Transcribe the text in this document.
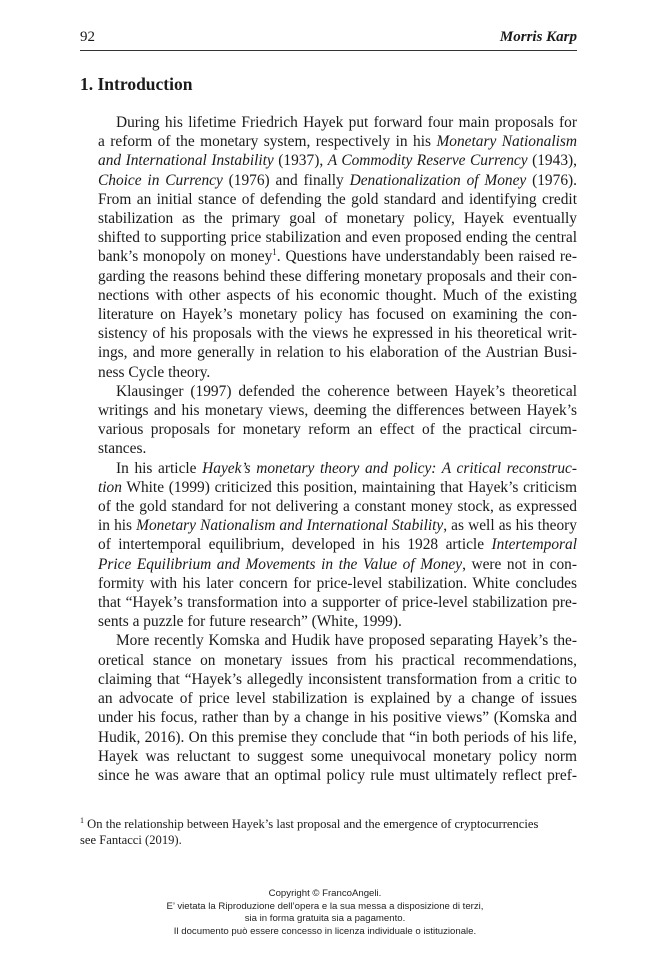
92	Morris Karp
1. Introduction
During his lifetime Friedrich Hayek put forward four main proposals for
a reform of the monetary system, respectively in his Monetary Nationalism
and International Instability (1937), A Commodity Reserve Currency (1943),
Choice in Currency (1976) and finally Denationalization of Money (1976).
From an initial stance of defending the gold standard and identifying credit
stabilization as the primary goal of monetary policy, Hayek eventually
shifted to supporting price stabilization and even proposed ending the central
bank’s monopoly on money$^1$. Questions have understandably been raised re-
garding the reasons behind these differing monetary proposals and their con-
nections with other aspects of his economic thought. Much of the existing
literature on Hayek’s monetary policy has focused on examining the con-
sistency of his proposals with the views he expressed in his theoretical writ-
ings, and more generally in relation to his elaboration of the Austrian Busi-
ness Cycle theory.
Klausinger (1997) defended the coherence between Hayek’s theoretical
writings and his monetary views, deeming the differences between Hayek’s
various proposals for monetary reform an effect of the practical circum-
stances.
In his article Hayek’s monetary theory and policy: A critical reconstruc-
tion White (1999) criticized this position, maintaining that Hayek’s criticism
of the gold standard for not delivering a constant money stock, as expressed
in his Monetary Nationalism and International Stability, as well as his theory
of intertemporal equilibrium, developed in his 1928 article Intertemporal
Price Equilibrium and Movements in the Value of Money, were not in con-
formity with his later concern for price-level stabilization. White concludes
that “Hayek’s transformation into a supporter of price-level stabilization pre-
sents a puzzle for future research” (White, 1999).
More recently Komska and Hudik have proposed separating Hayek’s the-
oretical stance on monetary issues from his practical recommendations,
claiming that “Hayek’s allegedly inconsistent transformation from a critic to
an advocate of price level stabilization is explained by a change of issues
under his focus, rather than by a change in his positive views” (Komska and
Hudik, 2016). On this premise they conclude that “in both periods of his life,
Hayek was reluctant to suggest some unequivocal monetary policy norm
since he was aware that an optimal policy rule must ultimately reflect pref-
$^1$ On the relationship between Hayek’s last proposal and the emergence of cryptocurrencies
see Fantacci (2019).
Copyright © FrancoAngeli.
E’ vietata la Riproduzione dell’opera e la sua messa a disposizione di terzi,
sia in forma gratuita sia a pagamento.
Il documento può essere concesso in licenza individuale o istituzionale.
